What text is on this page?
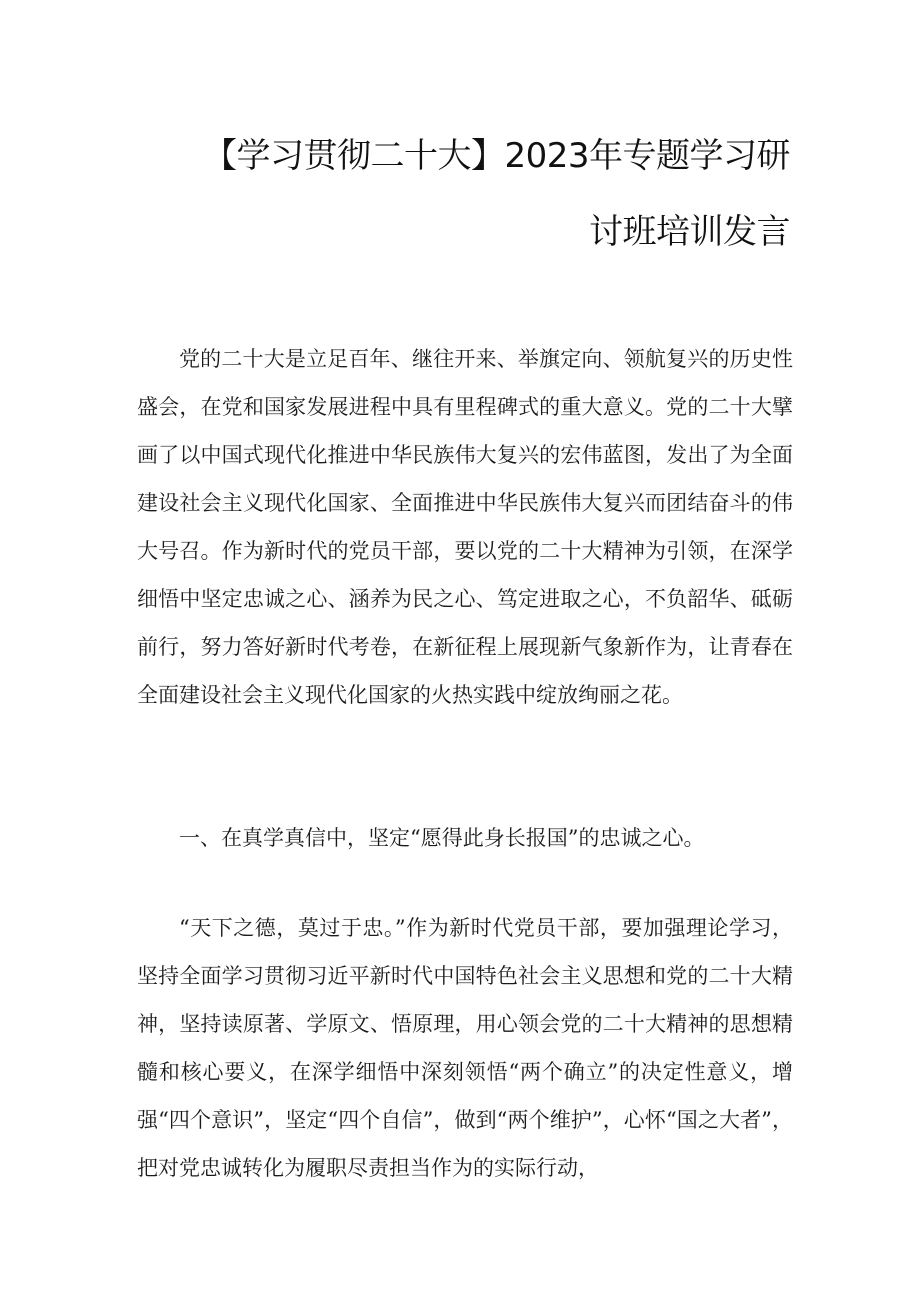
【学习贯彻二十大】2023年专题学习研
讨班培训发言

党的二十大是立足百年、继往开来、举旗定向、领航复兴的历史性盛会，在党和国家发展进程中具有里程碑式的重大意义。党的二十大擘画了以中国式现代化推进中华民族伟大复兴的宏伟蓝图，发出了为全面建设社会主义现代化国家、全面推进中华民族伟大复兴而团结奋斗的伟大号召。作为新时代的党员干部，要以党的二十大精神为引领，在深学细悟中坚定忠诚之心、涵养为民之心、笃定进取之心，不负韶华、砥砺前行，努力答好新时代考卷，在新征程上展现新气象新作为，让青春在全面建设社会主义现代化国家的火热实践中绽放绚丽之花。

一、在真学真信中，坚定“愿得此身长报国”的忠诚之心。

“天下之德，莫过于忠。”作为新时代党员干部，要加强理论学习，坚持全面学习贯彻习近平新时代中国特色社会主义思想和党的二十大精神，坚持读原著、学原文、悟原理，用心领会党的二十大精神的思想精髓和核心要义，在深学细悟中深刻领悟“两个确立”的决定性意义，增强“四个意识”，坚定“四个自信”，做到“两个维护”，心怀“国之大者”，把对党忠诚转化为履职尽责担当作为的实际行动，
